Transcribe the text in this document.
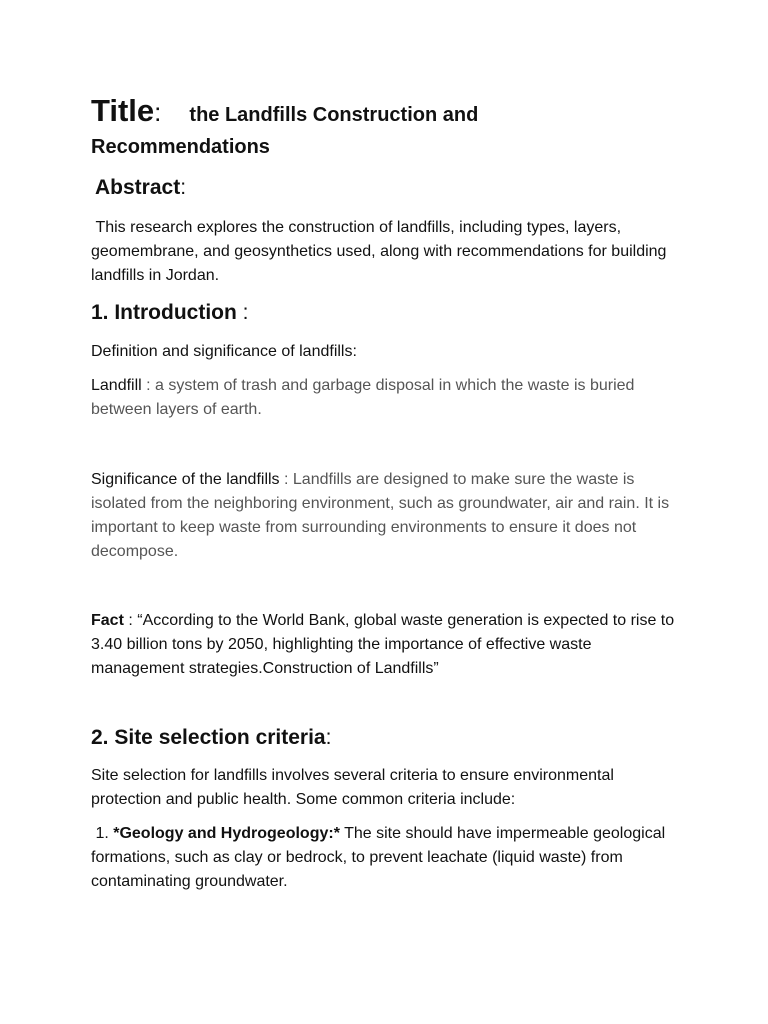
Title: the Landfills Construction and
Recommendations
Abstract:

This research explores the construction of landfills, including types, layers, geomembrane, and geosynthetics used, along with recommendations for building landfills in Jordan.

1. Introduction :

Definition and significance of landfills:

Landfill : a system of trash and garbage disposal in which the waste is buried between layers of earth.

Significance of the landfills : Landfills are designed to make sure the waste is isolated from the neighboring environment, such as groundwater, air and rain. It is important to keep waste from surrounding environments to ensure it does not decompose.

Fact : “According to the World Bank, global waste generation is expected to rise to 3.40 billion tons by 2050, highlighting the importance of effective waste management strategies.Construction of Landfills”

2. Site selection criteria:

Site selection for landfills involves several criteria to ensure environmental protection and public health. Some common criteria include:

1. *Geology and Hydrogeology:* The site should have impermeable geological formations, such as clay or bedrock, to prevent leachate (liquid waste) from contaminating groundwater.
